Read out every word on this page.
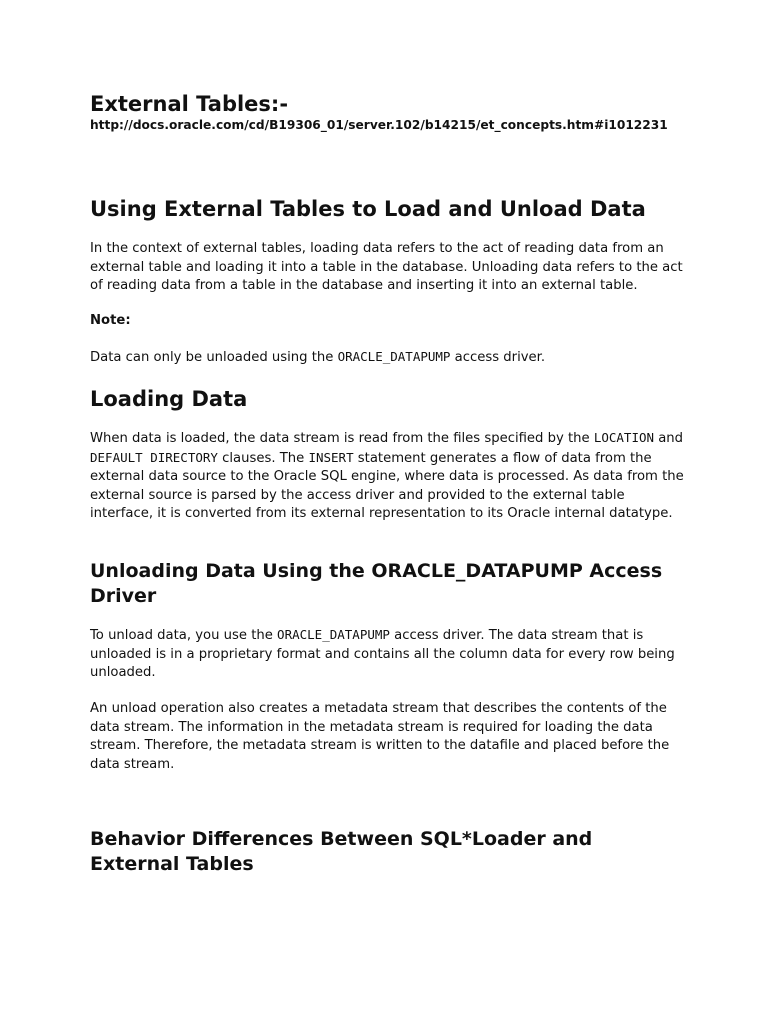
External Tables:-
http://docs.oracle.com/cd/B19306_01/server.102/b14215/et_concepts.htm#i1012231
Using External Tables to Load and Unload Data

In the context of external tables, loading data refers to the act of reading data from an external table and loading it into a table in the database. Unloading data refers to the act of reading data from a table in the database and inserting it into an external table.

Note:

Data can only be unloaded using the ORACLE_DATAPUMP access driver.

Loading Data

When data is loaded, the data stream is read from the files specified by the LOCATION and DEFAULT DIRECTORY clauses. The INSERT statement generates a flow of data from the external data source to the Oracle SQL engine, where data is processed. As data from the external source is parsed by the access driver and provided to the external table interface, it is converted from its external representation to its Oracle internal datatype.

Unloading Data Using the ORACLE_DATAPUMP Access Driver

To unload data, you use the ORACLE_DATAPUMP access driver. The data stream that is unloaded is in a proprietary format and contains all the column data for every row being unloaded.

An unload operation also creates a metadata stream that describes the contents of the data stream. The information in the metadata stream is required for loading the data stream. Therefore, the metadata stream is written to the datafile and placed before the data stream.

Behavior Differences Between SQL*Loader and External Tables
